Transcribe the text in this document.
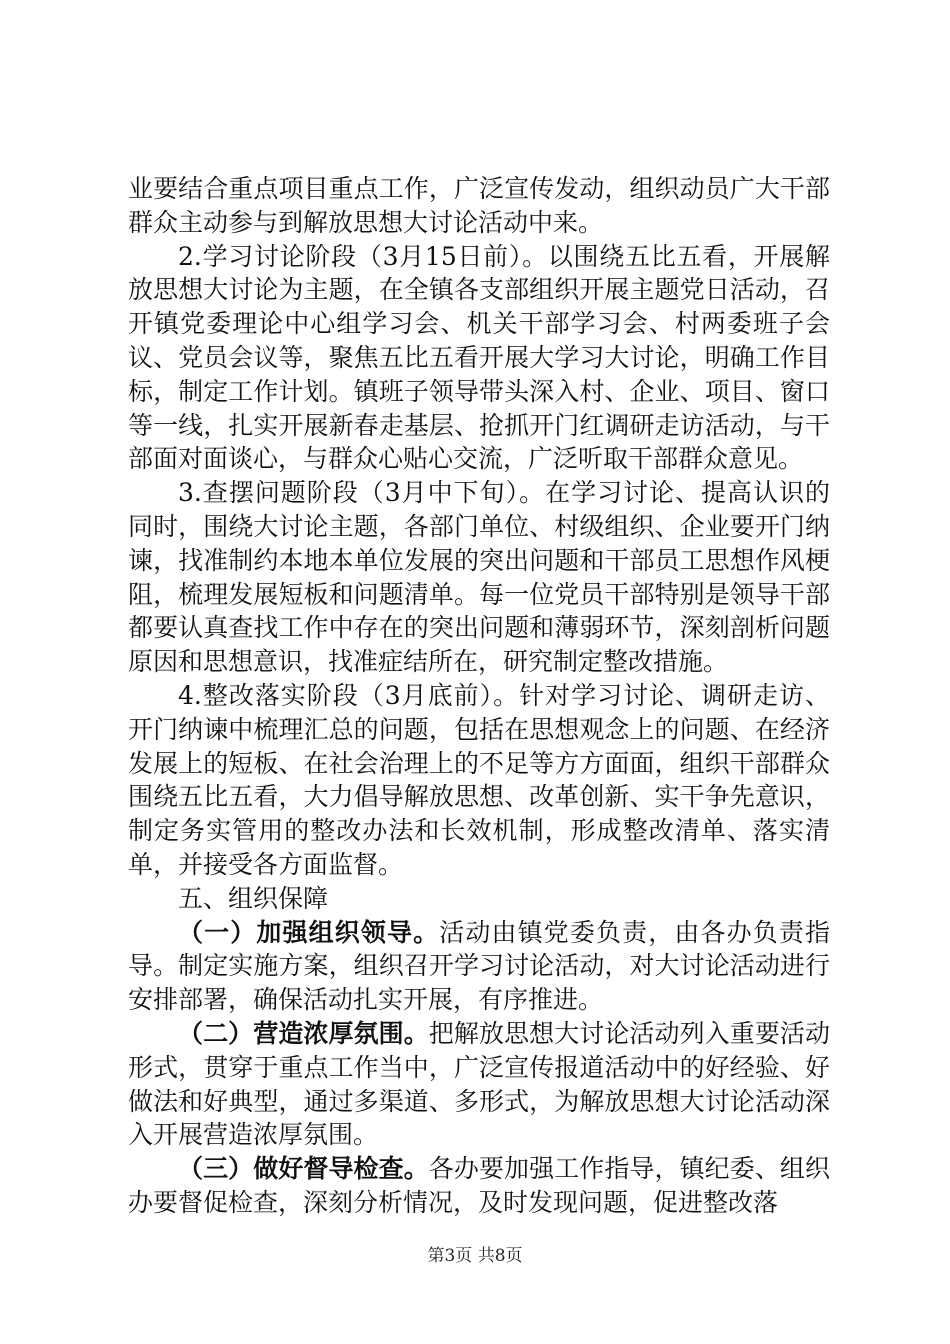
业要结合重点项目重点工作，广泛宣传发动，组织动员广大干部群众主动参与到解放思想大讨论活动中来。

2.学习讨论阶段（3月15日前）。以围绕五比五看，开展解放思想大讨论为主题，在全镇各支部组织开展主题党日活动，召开镇党委理论中心组学习会、机关干部学习会、村两委班子会议、党员会议等，聚焦五比五看开展大学习大讨论，明确工作目标，制定工作计划。镇班子领导带头深入村、企业、项目、窗口等一线，扎实开展新春走基层、抢抓开门红调研走访活动，与干部面对面谈心，与群众心贴心交流，广泛听取干部群众意见。

3.查摆问题阶段（3月中下旬）。在学习讨论、提高认识的同时，围绕大讨论主题，各部门单位、村级组织、企业要开门纳谏，找准制约本地本单位发展的突出问题和干部员工思想作风梗阻，梳理发展短板和问题清单。每一位党员干部特别是领导干部都要认真查找工作中存在的突出问题和薄弱环节，深刻剖析问题原因和思想意识，找准症结所在，研究制定整改措施。

4.整改落实阶段（3月底前）。针对学习讨论、调研走访、开门纳谏中梳理汇总的问题，包括在思想观念上的问题、在经济发展上的短板、在社会治理上的不足等方方面面，组织干部群众围绕五比五看，大力倡导解放思想、改革创新、实干争先意识，制定务实管用的整改办法和长效机制，形成整改清单、落实清单，并接受各方面监督。

五、组织保障

（一）加强组织领导。活动由镇党委负责，由各办负责指导。制定实施方案，组织召开学习讨论活动，对大讨论活动进行安排部署，确保活动扎实开展，有序推进。

（二）营造浓厚氛围。把解放思想大讨论活动列入重要活动形式，贯穿于重点工作当中，广泛宣传报道活动中的好经验、好做法和好典型，通过多渠道、多形式，为解放思想大讨论活动深入开展营造浓厚氛围。

（三）做好督导检查。各办要加强工作指导，镇纪委、组织办要督促检查，深刻分析情况，及时发现问题，促进整改落

第3页 共8页
